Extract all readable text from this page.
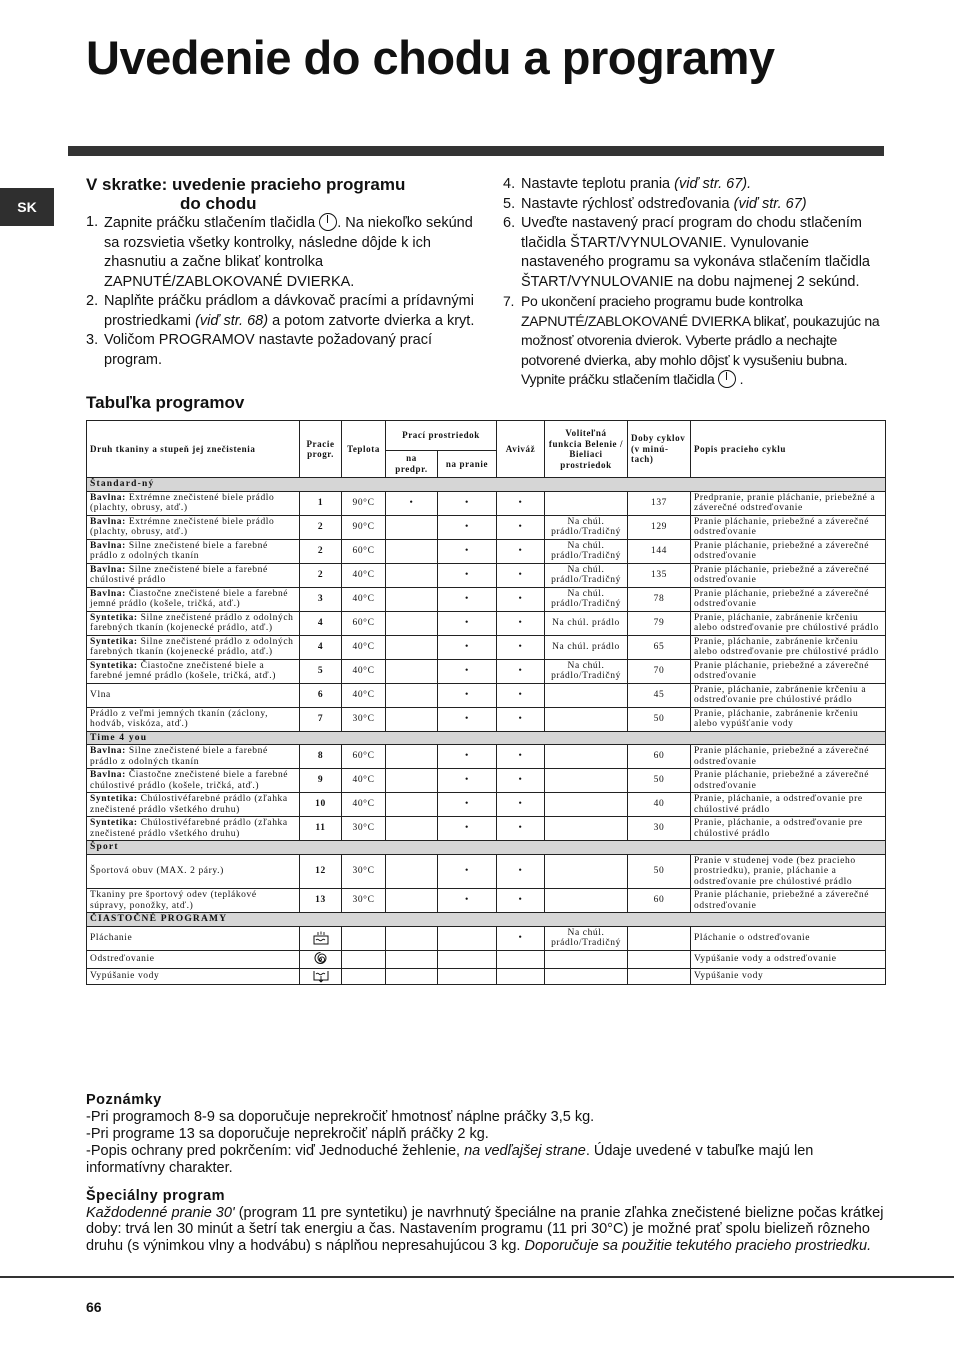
Uvedenie do chodu a programy
SK
V skratke: uvedenie pracieho programu
do chodu
1. Zapnite práčku stlačením tlačidla . Na niekoľko sekúnd sa rozsvietia všetky kontrolky, následne dôjde k ich zhasnutiu a začne blikať kontrolka ZAPNUTÉ/ZABLOKOVANÉ DVIERKA.
2. Naplňte práčku prádlom a dávkovač pracími a prídavnými prostriedkami (viď str. 68) a potom zatvorte dvierka a kryt.
3. Voličom PROGRAMOV nastavte požadovaný prací program.
4. Nastavte teplotu prania (viď str. 67).
5. Nastavte rýchlosť odstreďovania (viď str. 67)
6. Uveďte nastavený prací program do chodu stlačením tlačidla ŠTART/VYNULOVANIE. Vynulovanie nastaveného programu sa vykonáva stlačením tlačidla ŠTART/VYNULOVANIE na dobu najmenej 2 sekúnd.
7. Po ukončení pracieho programu bude kontrolka ZAPNUTÉ/ZABLOKOVANÉ DVIERKA blikať, poukazujúc na možnosť otvorenia dvierok. Vyberte prádlo a nechajte potvorené dvierka, aby mohlo dôjsť k vysušeniu bubna. Vypnite práčku stlačením tlačidla .
Tabuľka programov
Druh tkaniny a stupeň jej znečistenia	Pracie progr.	Teplota	Prací prostriedok		Aviváž	Voliteľná funkcia Belenie / Bieliaci prostriedok	Doby cyklov (v minú-tach)	Popis pracieho cyklu
			na predpr.	na pranie				
Štandard-ný								
Bavlna: Extrémne znečistené biele prádlo (plachty, obrusy, atď.)	1	90°C	•	•	•		137	Predpranie, pranie pláchanie, priebežné a záverečné odstreďovanie
Bavlna: Extrémne znečistené biele prádlo (plachty, obrusy, atď.)	2	90°C		•	•	Na chúl. prádlo/Tradičný	129	Pranie pláchanie, priebežné a záverečné odstreďovanie
Bavlna: Silne znečistené biele a farebné prádlo z odolných tkanín	2	60°C		•	•	Na chúl. prádlo/Tradičný	144	Pranie pláchanie, priebežné a záverečné odstreďovanie
Bavlna: Silne znečistené biele a farebné chúlostivé prádlo	2	40°C		•	•	Na chúl. prádlo/Tradičný	135	Pranie pláchanie, priebežné a záverečné odstreďovanie
Bavlna: Čiastočne znečistené biele a farebné jemné prádlo (košele, tričká, atď.)	3	40°C		•	•	Na chúl. prádlo/Tradičný	78	Pranie pláchanie, priebežné a záverečné odstreďovanie
Syntetika: Silne znečistené prádlo z odolných farebných tkanín (kojenecké prádlo, atď.)	4	60°C		•	•	Na chúl. prádlo	79	Pranie, pláchanie, zabránenie krčeniu alebo odstreďovanie pre chúlostivé prádlo
Syntetika: Silne znečistené prádlo z odolných farebných tkanín (kojenecké prádlo, atď.)	4	40°C		•	•	Na chúl. prádlo	65	Pranie, pláchanie, zabránenie krčeniu alebo odstreďovanie pre chúlostivé prádlo
Syntetika: Čiastočne znečistené biele a farebné jemné prádlo (košele, tričká, atď.)	5	40°C		•	•	Na chúl. prádlo/Tradičný	70	Pranie pláchanie, priebežné a záverečné odstreďovanie
Vlna	6	40°C		•	•		45	Pranie, pláchanie, zabránenie krčeniu a odstreďovanie pre chúlostivé prádlo
Prádlo z veľmi jemných tkanín (záclony, hodváb, viskóza, atď.)	7	30°C		•	•		50	Pranie, pláchanie, zabránenie krčeniu alebo vypúšťanie vody
Time 4 you								
Bavlna: Silne znečistené biele a farebné prádlo z odolných tkanín	8	60°C		•	•		60	Pranie pláchanie, priebežné a záverečné odstreďovanie
Bavlna: Čiastočne znečistené biele a farebné chúlostivé prádlo (košele, tričká, atď.)	9	40°C		•	•		50	Pranie pláchanie, priebežné a záverečné odstreďovanie
Syntetika: Chúlostivéfarebné prádlo (zľahka znečistené prádlo všetkého druhu)	10	40°C		•	•		40	Pranie, pláchanie, a odstreďovanie pre chúlostivé prádlo
Syntetika: Chúlostivéfarebné prádlo (zľahka znečistené prádlo všetkého druhu)	11	30°C		•	•		30	Pranie, pláchanie, a odstreďovanie pre chúlostivé prádlo
Šport								
Športová obuv (MAX. 2 páry.)	12	30°C		•	•		50	Pranie v studenej vode (bez pracieho prostriedku), pranie, pláchanie a odstreďovanie pre chúlostivé prádlo
Tkaniny pre športový odev (teplákové súpravy, ponožky, atď.)	13	30°C		•	•		60	Pranie pláchanie, priebežné a záverečné odstreďovanie
ČIASTOČNÉ PROGRAMY								
Pláchanie					•	Na chúl. prádlo/Tradičný		Pláchanie o odstreďovanie
Odstreďovanie								Vypúšanie vody a odstreďovanie
Vypúšanie vody								Vypúšanie vody
Poznámky

-Pri programoch 8-9 sa doporučuje neprekročiť hmotnosť náplne práčky 3,5 kg.

-Pri programe 13 sa doporučuje neprekročiť náplň práčky 2 kg.

-Popis ochrany pred pokrčením: viď Jednoduché žehlenie, na vedľajšej strane. Údaje uvedené v tabuľke majú len informatívny charakter.

Špeciálny program

Každodenné pranie 30' (program 11 pre syntetiku) je navrhnutý špeciálne na pranie zľahka znečistené bielizne počas krátkej doby: trvá len 30 minút a šetrí tak energiu a čas. Nastavením programu (11 pri 30°C) je možné prať spolu bielizeň rôzneho druhu (s výnimkou vlny a hodvábu) s náplňou nepresahujúcou 3 kg. Doporučuje sa použitie tekutého pracieho prostriedku.

66
